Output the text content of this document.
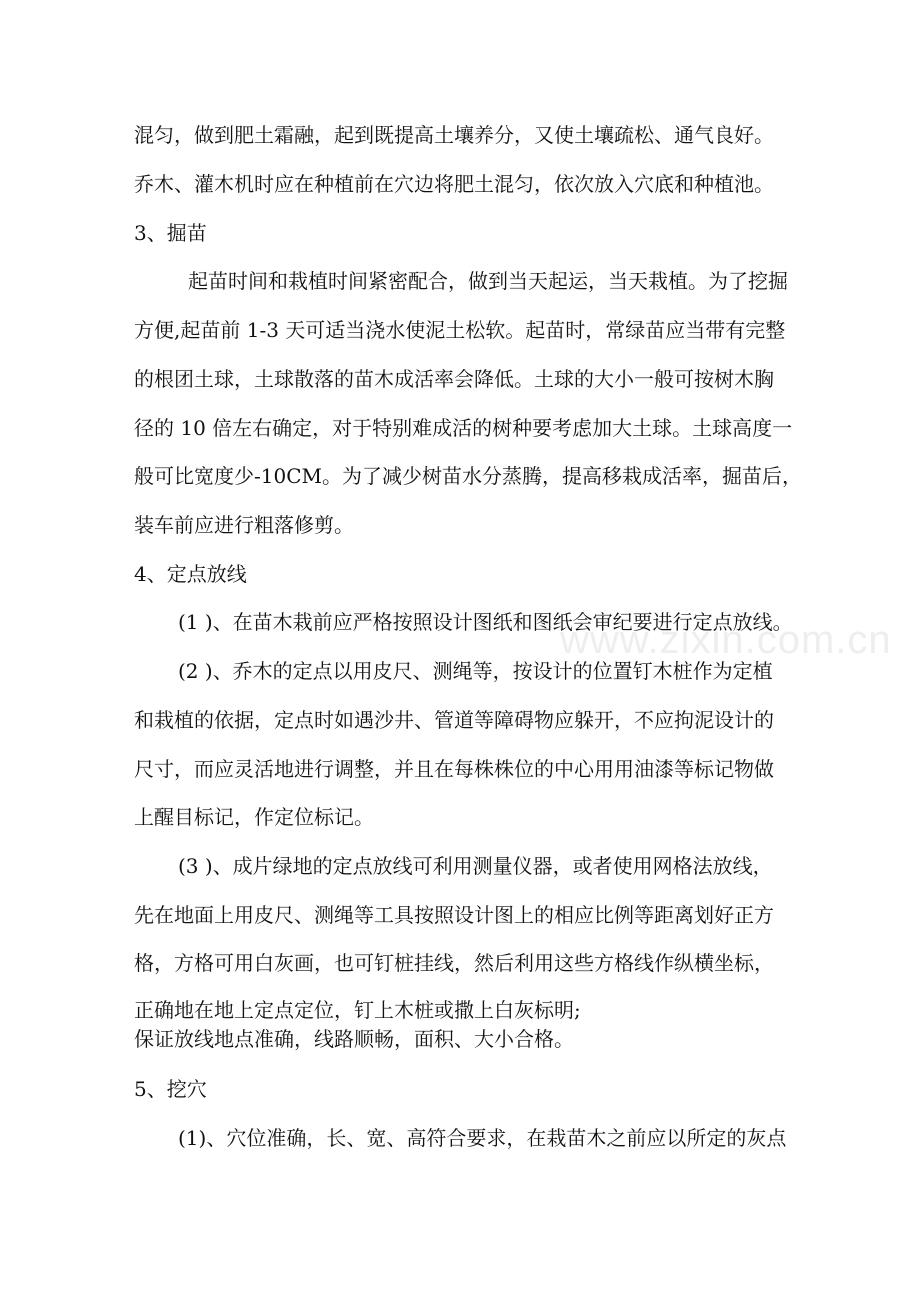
www.zixin.com.cn
混匀，做到肥土霜融，起到既提高土壤养分，又使土壤疏松、通气良好。
乔木、灌木机时应在种植前在穴边将肥土混匀，依次放入穴底和种植池。
3、掘苗
起苗时间和栽植时间紧密配合，做到当天起运，当天栽植。为了挖掘
方便,起苗前 1-3 天可适当浇水使泥土松软。起苗时，常绿苗应当带有完整
的根团土球，土球散落的苗木成活率会降低。土球的大小一般可按树木胸
径的 10 倍左右确定，对于特别难成活的树种要考虑加大土球。土球高度一
般可比宽度少-10CM。为了减少树苗水分蒸腾，提高移栽成活率，掘苗后，
装车前应进行粗落修剪。
4、定点放线
(1 )、在苗木栽前应严格按照设计图纸和图纸会审纪要进行定点放线。
(2 )、乔木的定点以用皮尺、测绳等，按设计的位置钉木桩作为定植
和栽植的依据，定点时如遇沙井、管道等障碍物应躲开，不应拘泥设计的
尺寸，而应灵活地进行调整，并且在每株株位的中心用用油漆等标记物做
上醒目标记，作定位标记。
(3 )、成片绿地的定点放线可利用测量仪器，或者使用网格法放线，
先在地面上用皮尺、测绳等工具按照设计图上的相应比例等距离划好正方
格，方格可用白灰画，也可钉桩挂线，然后利用这些方格线作纵横坐标，
正确地在地上定点定位，钉上木桩或撒上白灰标明;
保证放线地点准确，线路顺畅，面积、大小合格。
5、挖穴
(1)、穴位准确，长、宽、高符合要求，在栽苗木之前应以所定的灰点
